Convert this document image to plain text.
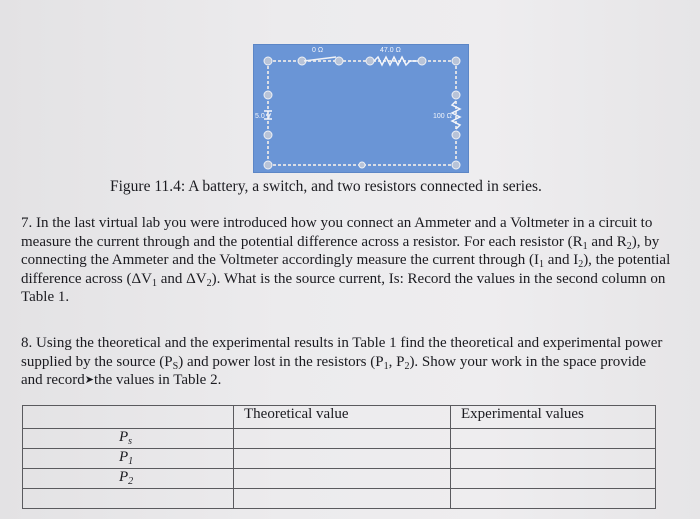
0 Ω	47.0 Ω
5.0 V	100 Ω
Figure 11.4: A battery, a switch, and two resistors connected in series.
7. In the last virtual lab you were introduced how you connect an Ammeter and a Voltmeter in a circuit to measure the current through and the potential difference across a resistor. For each resistor ($R_1$ and $R_2$), by connecting the Ammeter and the Voltmeter accordingly measure the current through ($I_1$ and $I_2$), the potential difference across ($\Delta V_1$ and $\Delta V_2$). What is the source current, Is: Record the values in the second column on Table 1.
8. Using the theoretical and the experimental results in Table 1 find the theoretical and experimental power supplied by the source $(P_S)$ and power lost in the resistors ($P_1$, $P_2$). Show your work in the space provide and record➤the values in Table 2.
	Theoretical value	Experimental values
$P_s$		
$P_1$		
$P_2$		
